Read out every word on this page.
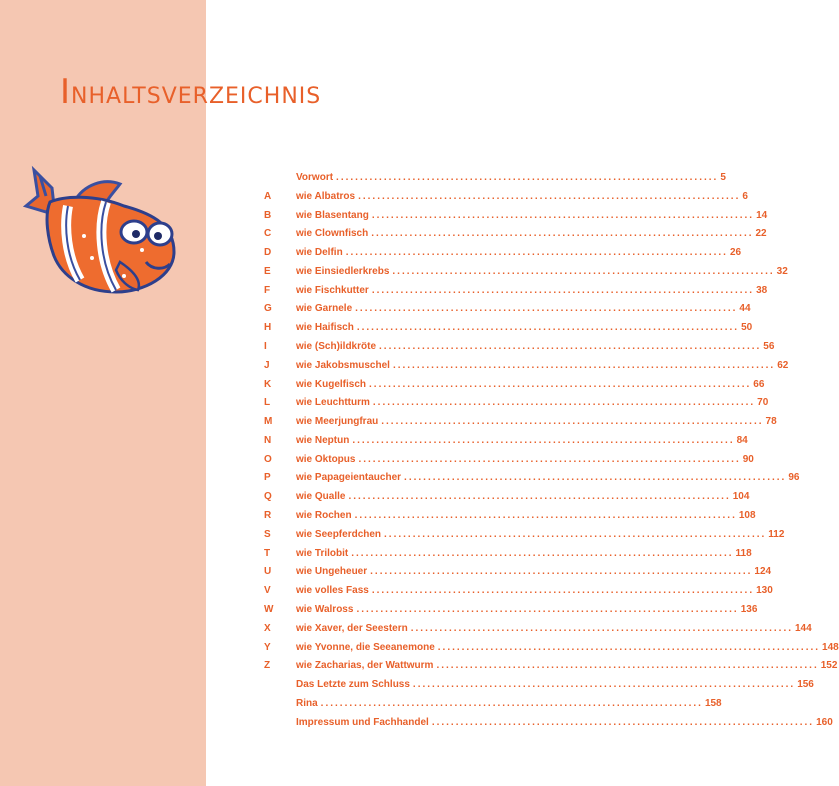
INHALTSVERZEICHNIS
Vorwort ................................................................................ 5
A	wie Albatros ................................................................................ 6
B	wie Blasentang ................................................................................ 14
C	wie Clownfisch ................................................................................ 22
D	wie Delfin ................................................................................ 26
E	wie Einsiedlerkrebs ................................................................................ 32
F	wie Fischkutter ................................................................................ 38
G	wie Garnele ................................................................................ 44
H	wie Haifisch ................................................................................ 50
I	wie (Sch)ildkröte ................................................................................ 56
J	wie Jakobsmuschel ................................................................................ 62
K	wie Kugelfisch ................................................................................ 66
L	wie Leuchtturm ................................................................................ 70
M	wie Meerjungfrau ................................................................................ 78
N	wie Neptun ................................................................................ 84
O	wie Oktopus ................................................................................ 90
P	wie Papageientaucher ................................................................................ 96
Q	wie Qualle ................................................................................ 104
R	wie Rochen ................................................................................ 108
S	wie Seepferdchen ................................................................................ 112
T	wie Trilobit ................................................................................ 118
U	wie Ungeheuer ................................................................................ 124
V	wie volles Fass ................................................................................ 130
W	wie Walross ................................................................................ 136
X	wie Xaver, der Seestern ................................................................................ 144
Y	wie Yvonne, die Seeanemone ................................................................................ 148
Z	wie Zacharias, der Wattwurm ................................................................................ 152
Das Letzte zum Schluss ................................................................................ 156
Rina ................................................................................ 158
Impressum und Fachhandel ................................................................................ 160
